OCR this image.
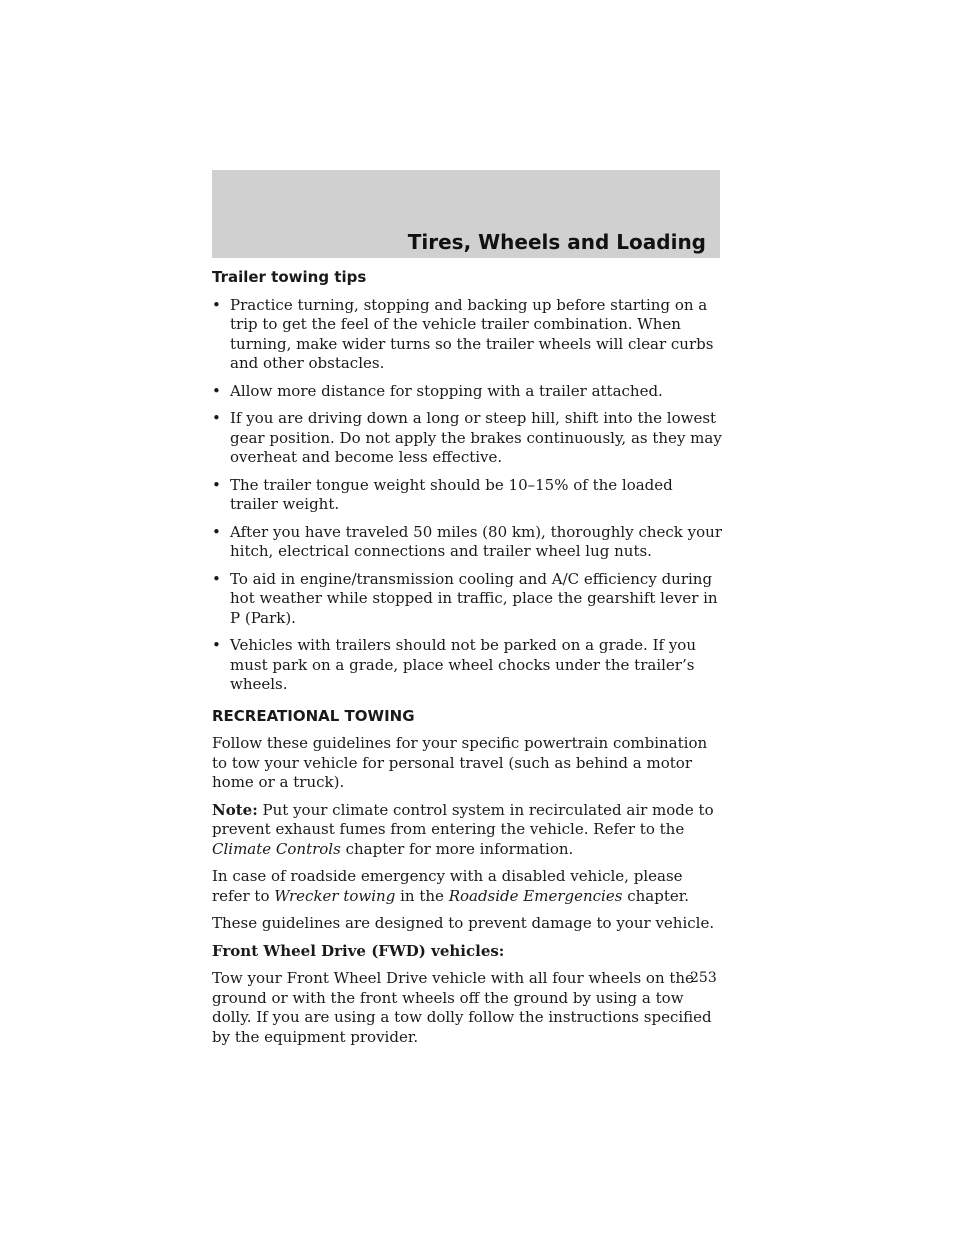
Tires, Wheels and Loading
Trailer towing tips
• Practice turning, stopping and backing up before starting on a trip to get the feel of the vehicle trailer combination. When turning, make wider turns so the trailer wheels will clear curbs and other obstacles.
• Allow more distance for stopping with a trailer attached.
• If you are driving down a long or steep hill, shift into the lowest gear position. Do not apply the brakes continuously, as they may overheat and become less effective.
• The trailer tongue weight should be 10–15% of the loaded trailer weight.
• After you have traveled 50 miles (80 km), thoroughly check your hitch, electrical connections and trailer wheel lug nuts.
• To aid in engine/transmission cooling and A/C efficiency during hot weather while stopped in traffic, place the gearshift lever in P (Park).
• Vehicles with trailers should not be parked on a grade. If you must park on a grade, place wheel chocks under the trailer’s wheels.
RECREATIONAL TOWING

Follow these guidelines for your specific powertrain combination to tow your vehicle for personal travel (such as behind a motor home or a truck).

Note: Put your climate control system in recirculated air mode to prevent exhaust fumes from entering the vehicle. Refer to the Climate Controls chapter for more information.

In case of roadside emergency with a disabled vehicle, please refer to Wrecker towing in the Roadside Emergencies chapter.

These guidelines are designed to prevent damage to your vehicle.

Front Wheel Drive (FWD) vehicles:

Tow your Front Wheel Drive vehicle with all four wheels on the ground or with the front wheels off the ground by using a tow dolly. If you are using a tow dolly follow the instructions specified by the equipment provider.

253
